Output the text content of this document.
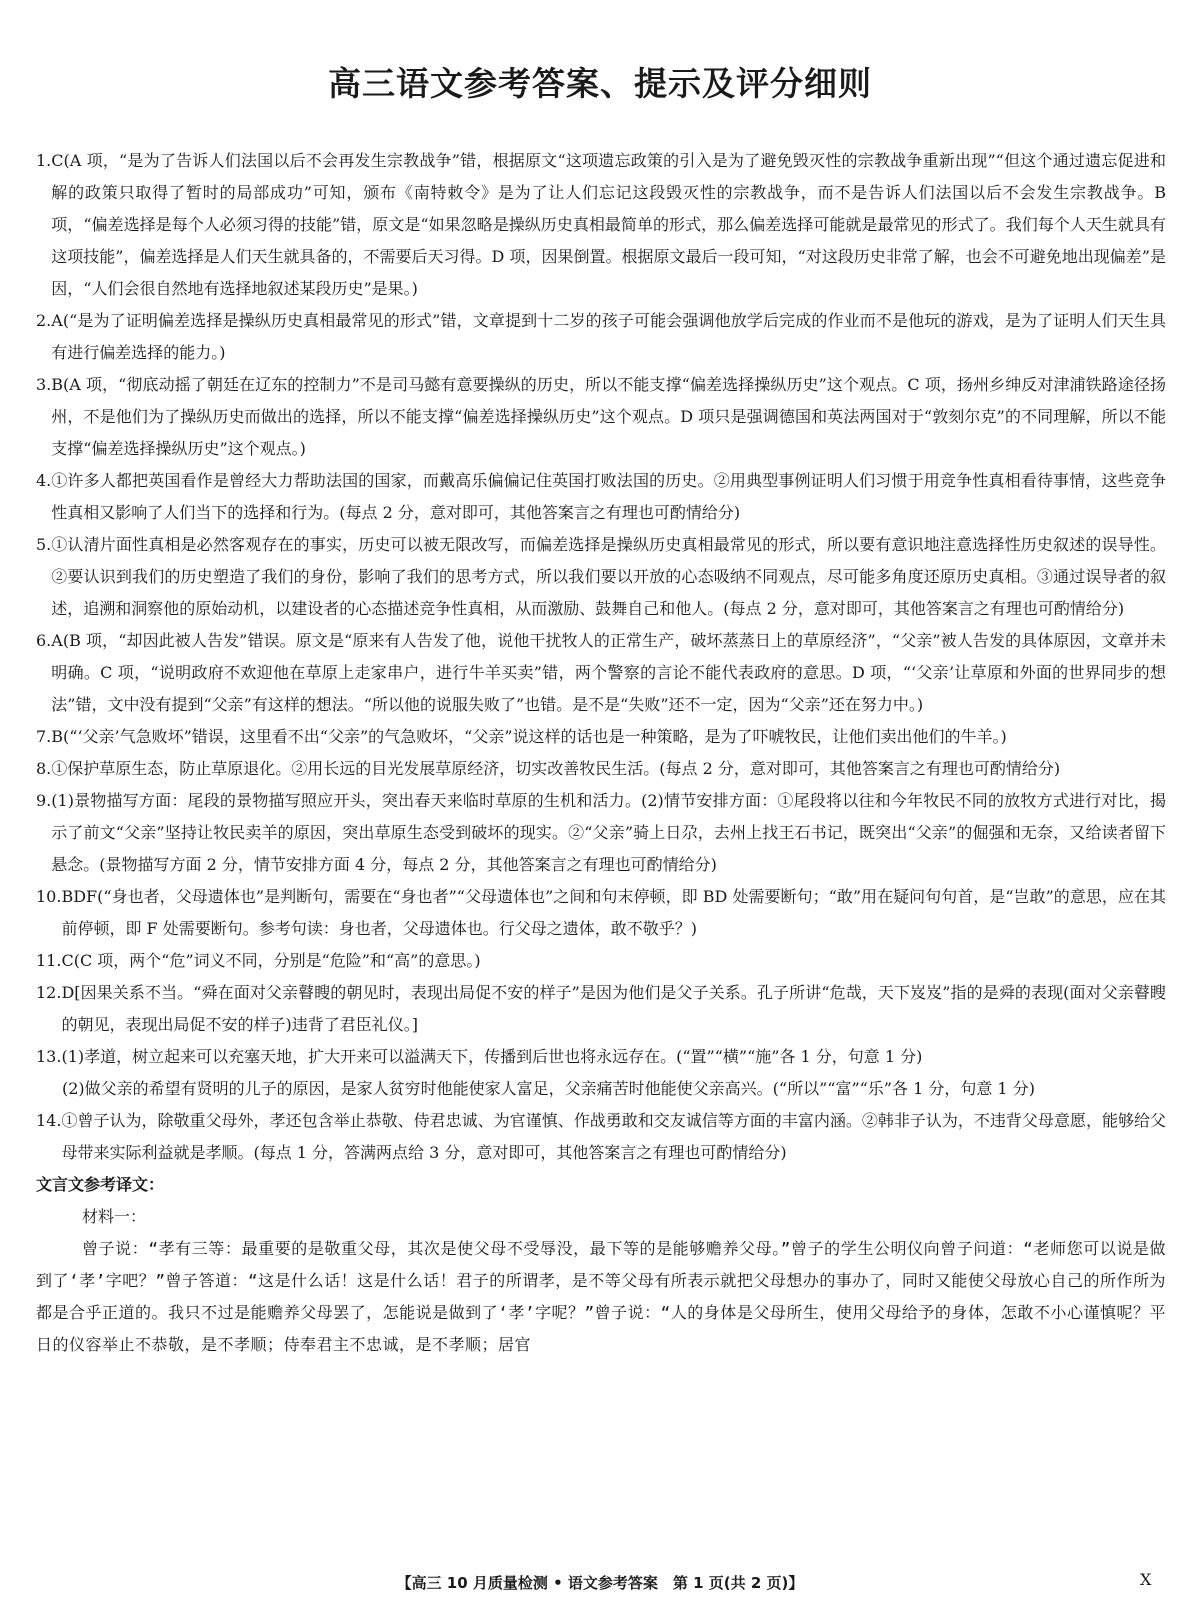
高三语文参考答案、提示及评分细则
1. C(A 项，“是为了告诉人们法国以后不会再发生宗教战争”错，根据原文“这项遗忘政策的引入是为了避免毁灭性的宗教战争重新出现”“但这个通过遗忘促进和解的政策只取得了暂时的局部成功”可知，颁布《南特敕令》是为了让人们忘记这段毁灭性的宗教战争，而不是告诉人们法国以后不会发生宗教战争。B 项，“偏差选择是每个人必须习得的技能”错，原文是“如果忽略是操纵历史真相最简单的形式，那么偏差选择可能就是最常见的形式了。我们每个人天生就具有这项技能”，偏差选择是人们天生就具备的，不需要后天习得。D 项，因果倒置。根据原文最后一段可知，“对这段历史非常了解，也会不可避免地出现偏差”是因，“人们会很自然地有选择地叙述某段历史”是果。)
2. A(“是为了证明偏差选择是操纵历史真相最常见的形式”错，文章提到十二岁的孩子可能会强调他放学后完成的作业而不是他玩的游戏，是为了证明人们天生具有进行偏差选择的能力。)
3. B(A 项，“彻底动摇了朝廷在辽东的控制力”不是司马懿有意要操纵的历史，所以不能支撑“偏差选择操纵历史”这个观点。C 项，扬州乡绅反对津浦铁路途径扬州，不是他们为了操纵历史而做出的选择，所以不能支撑“偏差选择操纵历史”这个观点。D 项只是强调德国和英法两国对于“敦刻尔克”的不同理解，所以不能支撑“偏差选择操纵历史”这个观点。)
4. ①许多人都把英国看作是曾经大力帮助法国的国家，而戴高乐偏偏记住英国打败法国的历史。②用典型事例证明人们习惯于用竞争性真相看待事情，这些竞争性真相又影响了人们当下的选择和行为。(每点 2 分，意对即可，其他答案言之有理也可酌情给分)
5. ①认清片面性真相是必然客观存在的事实，历史可以被无限改写，而偏差选择是操纵历史真相最常见的形式，所以要有意识地注意选择性历史叙述的误导性。②要认识到我们的历史塑造了我们的身份，影响了我们的思考方式，所以我们要以开放的心态吸纳不同观点，尽可能多角度还原历史真相。③通过误导者的叙述，追溯和洞察他的原始动机，以建设者的心态描述竞争性真相，从而激励、鼓舞自己和他人。(每点 2 分，意对即可，其他答案言之有理也可酌情给分)
6. A(B 项，“却因此被人告发”错误。原文是“原来有人告发了他，说他干扰牧人的正常生产，破坏蒸蒸日上的草原经济”，“父亲”被人告发的具体原因，文章并未明确。C 项，“说明政府不欢迎他在草原上走家串户，进行牛羊买卖”错，两个警察的言论不能代表政府的意思。D 项，“‘父亲’让草原和外面的世界同步的想法”错，文中没有提到“父亲”有这样的想法。“所以他的说服失败了”也错。是不是“失败”还不一定，因为“父亲”还在努力中。)
7. B(“‘父亲’气急败坏”错误，这里看不出“父亲”的气急败坏，“父亲”说这样的话也是一种策略，是为了吓唬牧民，让他们卖出他们的牛羊。)
8. ①保护草原生态，防止草原退化。②用长远的目光发展草原经济，切实改善牧民生活。(每点 2 分，意对即可，其他答案言之有理也可酌情给分)
9. (1)景物描写方面：尾段的景物描写照应开头，突出春天来临时草原的生机和活力。(2)情节安排方面：①尾段将以往和今年牧民不同的放牧方式进行对比，揭示了前文“父亲”坚持让牧民卖羊的原因，突出草原生态受到破坏的现实。②“父亲”骑上日尕，去州上找王石书记，既突出“父亲”的倔强和无奈，又给读者留下悬念。(景物描写方面 2 分，情节安排方面 4 分，每点 2 分，其他答案言之有理也可酌情给分)
10. BDF(“身也者，父母遗体也”是判断句，需要在“身也者”“父母遗体也”之间和句末停顿，即 BD 处需要断句；“敢”用在疑问句句首，是“岂敢”的意思，应在其前停顿，即 F 处需要断句。参考句读：身也者，父母遗体也。行父母之遗体，敢不敬乎？)
11. C(C 项，两个“危”词义不同，分别是“危险”和“高”的意思。)
12. D[因果关系不当。“舜在面对父亲瞽瞍的朝见时，表现出局促不安的样子”是因为他们是父子关系。孔子所讲“危哉，天下岌岌”指的是舜的表现(面对父亲瞽瞍的朝见，表现出局促不安的样子)违背了君臣礼仪。]
13. (1)孝道，树立起来可以充塞天地，扩大开来可以溢满天下，传播到后世也将永远存在。(“置”“横”“施”各 1 分，句意 1 分)
(2)做父亲的希望有贤明的儿子的原因，是家人贫穷时他能使家人富足，父亲痛苦时他能使父亲高兴。(“所以”“富”“乐”各 1 分，句意 1 分)
14. ①曾子认为，除敬重父母外，孝还包含举止恭敬、侍君忠诚、为官谨慎、作战勇敢和交友诚信等方面的丰富内涵。②韩非子认为，不违背父母意愿，能够给父母带来实际利益就是孝顺。(每点 1 分，答满两点给 3 分，意对即可，其他答案言之有理也可酌情给分)
文言文参考译文：
材料一：

曾子说：“孝有三等：最重要的是敬重父母，其次是使父母不受辱没，最下等的是能够赡养父母。”曾子的学生公明仪向曾子问道：“老师您可以说是做到了‘孝’字吧？”曾子答道：“这是什么话！这是什么话！君子的所谓孝，是不等父母有所表示就把父母想办的事办了，同时又能使父母放心自己的所作所为都是合乎正道的。我只不过是能赡养父母罢了，怎能说是做到了‘孝’字呢？”曾子说：“人的身体是父母所生，使用父母给予的身体，怎敢不小心谨慎呢？平日的仪容举止不恭敬，是不孝顺；侍奉君主不忠诚，是不孝顺；居官

【高三 10 月质量检测 • 语文参考答案　第 1 页(共 2 页)】	X
